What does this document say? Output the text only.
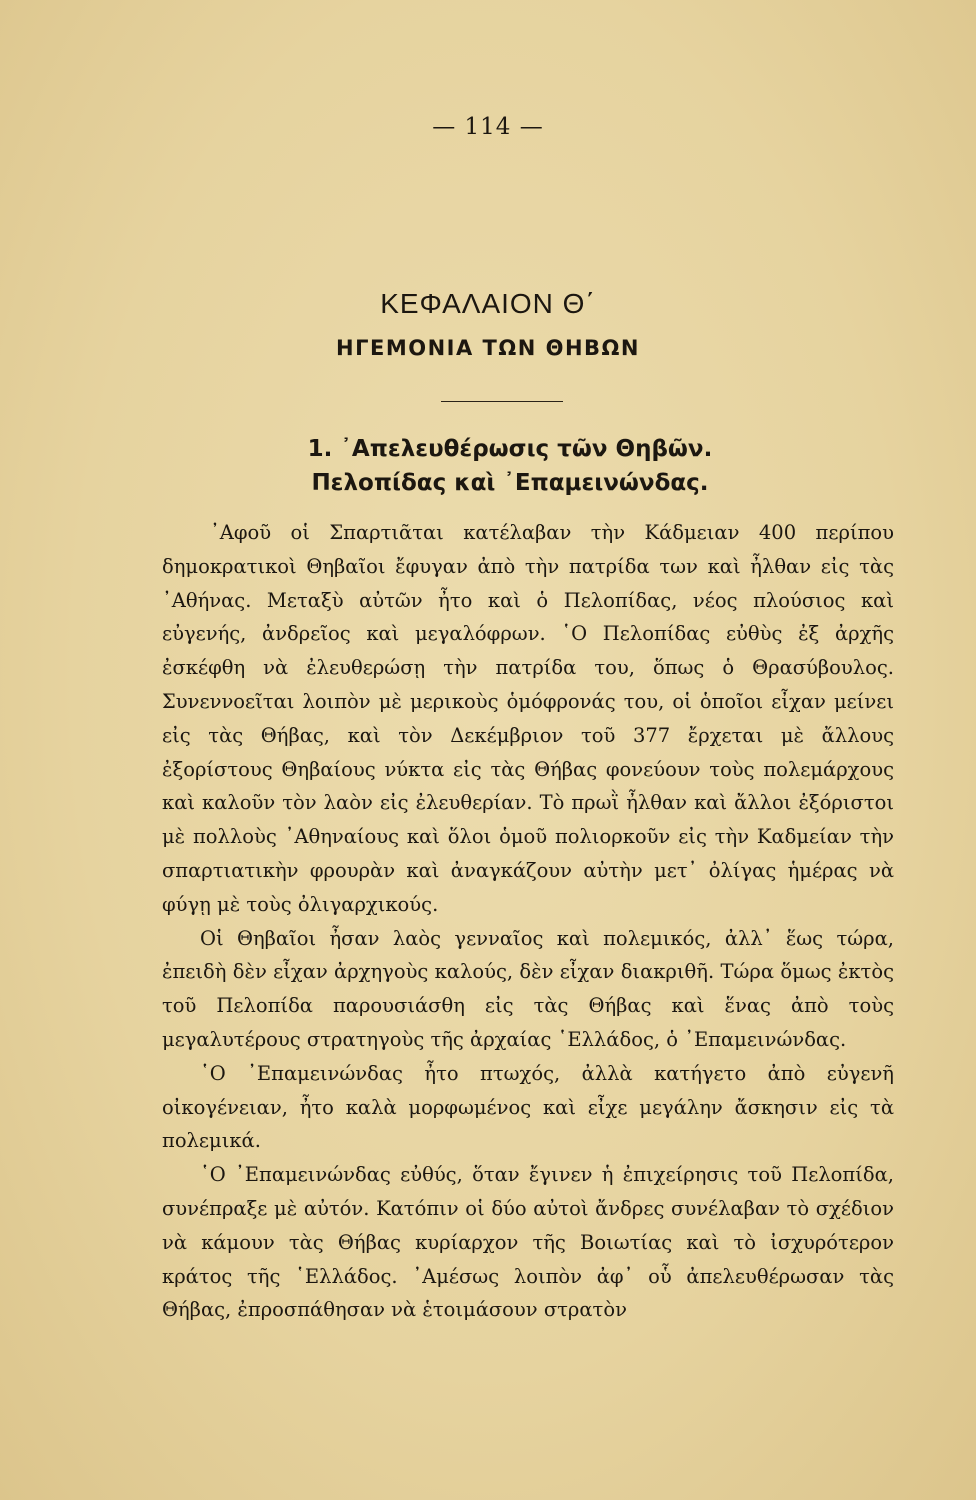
— 114 —
ΚΕΦΑΛΑΙΟΝ Θ΄
ΗΓΕΜΟΝΙΑ ΤΩΝ ΘΗΒΩΝ
1. ᾿Απελευθέρωσις τῶν Θηβῶν. Πελοπίδας καὶ ᾿Επαμεινώνδας.

᾿Αφοῦ οἱ Σπαρτιᾶται κατέλαβαν τὴν Κάδμειαν 400 περίπου δημοκρατικοὶ Θηβαῖοι ἔφυγαν ἀπὸ τὴν πατρίδα των καὶ ἦλθαν εἰς τὰς ᾿Αθήνας. Μεταξὺ αὐτῶν ἦτο καὶ ὁ Πελοπίδας, νέος πλούσιος καὶ εὐγενής, ἀνδρεῖος καὶ μεγαλόφρων. ῾Ο Πελοπίδας εὐθὺς ἐξ ἀρχῆς ἐσκέφθη νὰ ἐλευθερώσῃ τὴν πατρίδα του, ὅπως ὁ Θρασύβουλος. Συνεννοεῖται λοιπὸν μὲ μερικοὺς ὁμόφρονάς του, οἱ ὁποῖοι εἶχαν μείνει εἰς τὰς Θήβας, καὶ τὸν Δεκέμβριον τοῦ 377 ἔρχεται μὲ ἄλλους ἐξορίστους Θηβαίους νύκτα εἰς τὰς Θήβας φονεύουν τοὺς πολεμάρχους καὶ καλοῦν τὸν λαὸν εἰς ἐλευθερίαν. Τὸ πρωῒ ἦλθαν καὶ ἄλλοι ἐξόριστοι μὲ πολλοὺς ᾿Αθηναίους καὶ ὅλοι ὁμοῦ πολιορκοῦν εἰς τὴν Καδμείαν τὴν σπαρτιατικὴν φρουρὰν καὶ ἀναγκάζουν αὐτὴν μετ᾿ ὀλίγας ἡμέρας νὰ φύγῃ μὲ τοὺς ὀλιγαρχικούς.

Οἱ Θηβαῖοι ἦσαν λαὸς γενναῖος καὶ πολεμικός, ἀλλ᾿ ἕως τώρα, ἐπειδὴ δὲν εἶχαν ἀρχηγοὺς καλούς, δὲν εἶχαν διακριθῆ. Τώρα ὅμως ἐκτὸς τοῦ Πελοπίδα παρουσιάσθη εἰς τὰς Θήβας καὶ ἕνας ἀπὸ τοὺς μεγαλυτέρους στρατηγοὺς τῆς ἀρχαίας ῾Ελλάδος, ὁ ᾿Επαμεινώνδας.

῾Ο ᾿Επαμεινώνδας ἦτο πτωχός, ἀλλὰ κατήγετο ἀπὸ εὐγενῆ οἰκογένειαν, ἦτο καλὰ μορφωμένος καὶ εἶχε μεγάλην ἄσκησιν εἰς τὰ πολεμικά.

῾Ο ᾿Επαμεινώνδας εὐθύς, ὅταν ἔγινεν ἡ ἐπιχείρησις τοῦ Πελοπίδα, συνέπραξε μὲ αὐτόν. Κατόπιν οἱ δύο αὐτοὶ ἄνδρες συνέλαβαν τὸ σχέδιον νὰ κάμουν τὰς Θήβας κυρίαρχον τῆς Βοιωτίας καὶ τὸ ἰσχυρότερον κράτος τῆς ῾Ελλάδος. ᾿Αμέσως λοιπὸν ἀφ᾿ οὗ ἀπελευθέρωσαν τὰς Θήβας, ἐπροσπάθησαν νὰ ἑτοιμάσουν στρατὸν
